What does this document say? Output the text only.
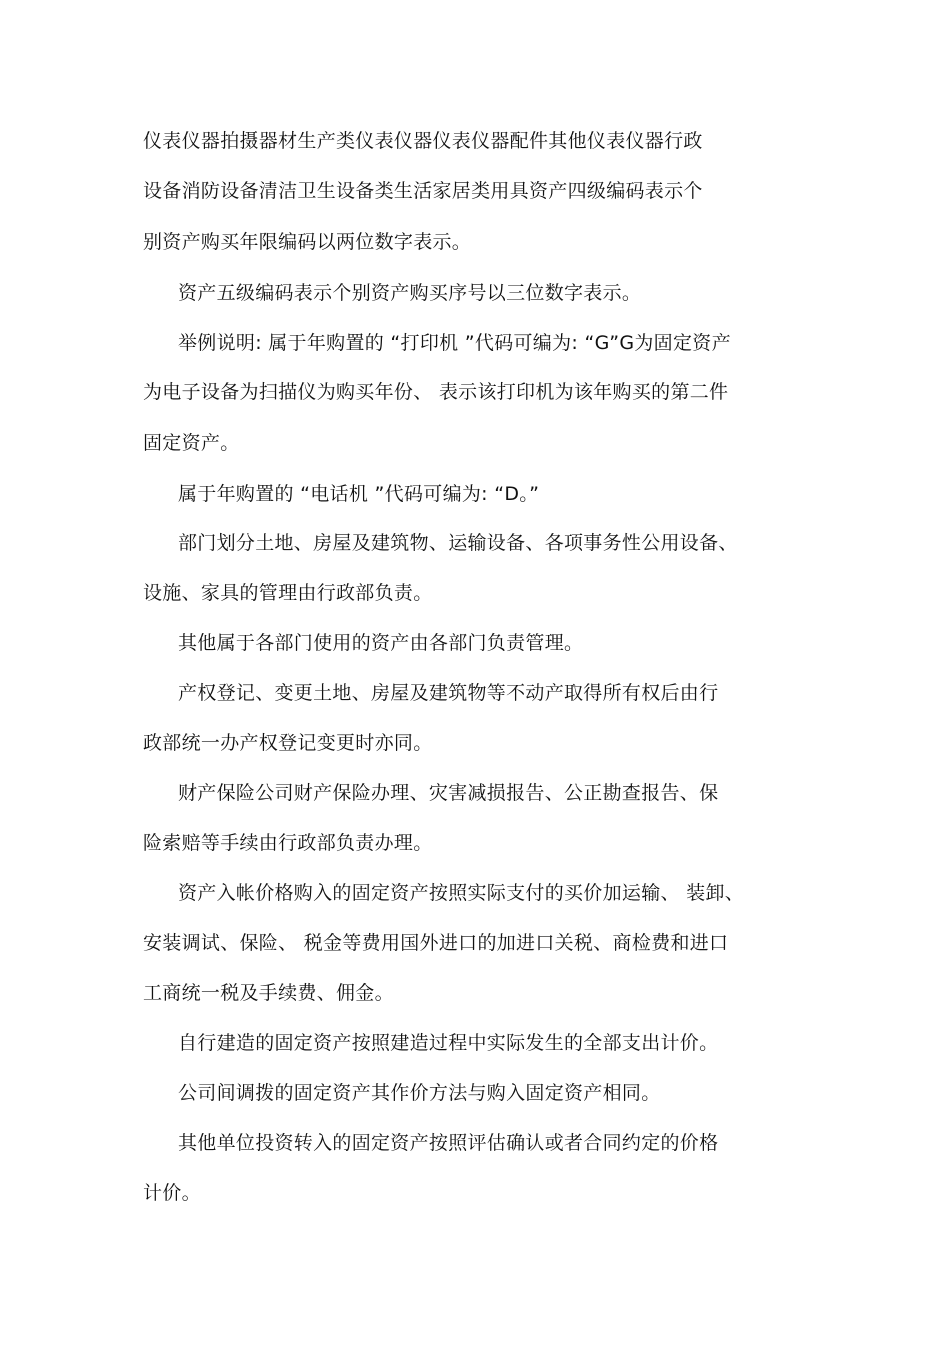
仪表仪器拍摄器材生产类仪表仪器仪表仪器配件其他仪表仪器行政
设备消防设备清洁卫生设备类生活家居类用具资产四级编码表示个
别资产购买年限编码以两位数字表示。
资产五级编码表示个别资产购买序号以三位数字表示。
举例说明: 属于年购置的 “打印机 ”代码可编为: “G”G为固定资产
为电子设备为扫描仪为购买年份、 表示该打印机为该年购买的第二件
固定资产。
属于年购置的 “电话机 ”代码可编为: “D。”
部门划分土地、房屋及建筑物、运输设备、各项事务性公用设备、
设施、家具的管理由行政部负责。
其他属于各部门使用的资产由各部门负责管理。
产权登记、变更土地、房屋及建筑物等不动产取得所有权后由行
政部统一办产权登记变更时亦同。
财产保险公司财产保险办理、灾害减损报告、公正勘查报告、保
险索赔等手续由行政部负责办理。
资产入帐价格购入的固定资产按照实际支付的买价加运输、 装卸、
安装调试、保险、 税金等费用国外进口的加进口关税、商检费和进口
工商统一税及手续费、佣金。
自行建造的固定资产按照建造过程中实际发生的全部支出计价。
公司间调拨的固定资产其作价方法与购入固定资产相同。
其他单位投资转入的固定资产按照评估确认或者合同约定的价格
计价。
